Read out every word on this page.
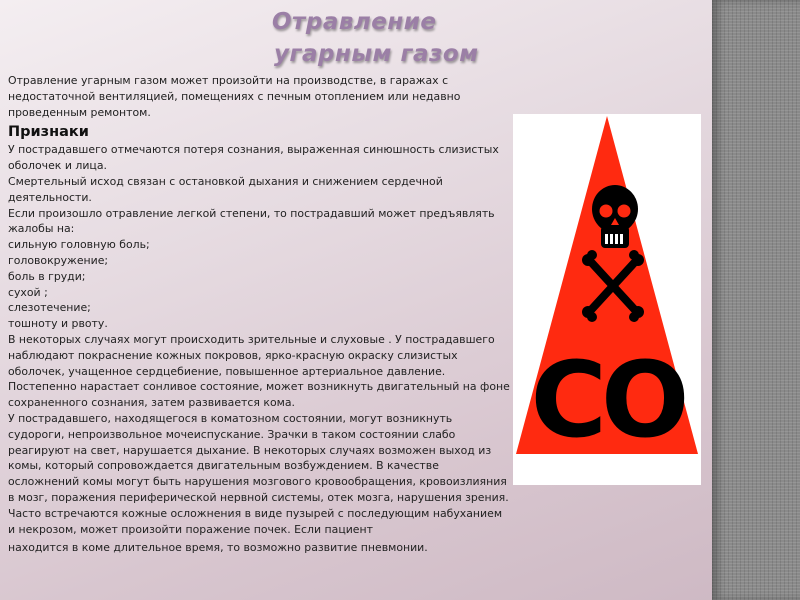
Отравление
угарным газом

Отравление угарным газом может произойти на производстве, в гаражах с недостаточной вентиляцией, помещениях с печным отоплением или недавно проведенным ремонтом.

Признаки

У пострадавшего отмечаются потеря сознания, выраженная синюшность слизистых оболочек и лица.

Смертельный исход связан с остановкой дыхания и снижением сердечной деятельности.

Если произошло отравление легкой степени, то пострадавший может предъявлять жалобы на:

сильную головную боль;

головокружение;

боль в груди;

сухой ;

слезотечение;

тошноту и рвоту.

В некоторых случаях могут происходить зрительные и слуховые . У пострадавшего наблюдают покраснение кожных покровов, ярко-красную окраску слизистых оболочек, учащенное сердцебиение, повышенное артериальное давление. Постепенно нарастает сонливое состояние, может возникнуть двигательный на фоне сохраненного сознания, затем развивается кома.

У пострадавшего, находящегося в коматозном состоянии, могут возникнуть судороги, непроизвольное мочеиспускание. Зрачки в таком состоянии слабо реагируют на свет, нарушается дыхание. В некоторых случаях возможен выход из комы, который сопровождается двигательным возбуждением. В качестве осложнений комы могут быть нарушения мозгового кровообращения, кровоизлияния в мозг, поражения периферической нервной системы, отек мозга, нарушения зрения.

Часто встречаются кожные осложнения в виде пузырей с последующим набуханием и некрозом, может произойти поражение почек. Если пациент

находится в коме длительное время, то возможно развитие пневмонии.

CO
